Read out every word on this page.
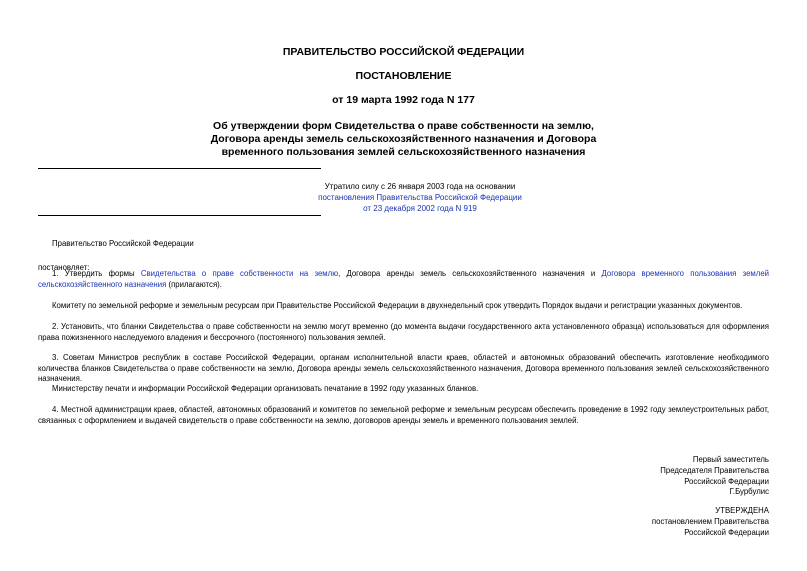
ПРАВИТЕЛЬСТВО РОССИЙСКОЙ ФЕДЕРАЦИИ
ПОСТАНОВЛЕНИЕ
от 19 марта 1992 года N 177
Об утверждении форм Свидетельства о праве собственности на землю,
Договора аренды земель сельскохозяйственного назначения и Договора
временного пользования землей сельскохозяйственного назначения
Утратило силу с 26 января 2003 года на основании
постановления Правительства Российской Федерации
от 23 декабря 2002 года N 919

Правительство Российской Федерации

постановляет:

1. Утвердить формы Свидетельства о праве собственности на землю, Договора аренды земель сельскохозяйственного назначения и Договора временного пользования землей сельскохозяйственного назначения (прилагаются).

Комитету по земельной реформе и земельным ресурсам при Правительстве Российской Федерации в двухнедельный срок утвердить Порядок выдачи и регистрации указанных документов.

2. Установить, что бланки Свидетельства о праве собственности на землю могут временно (до момента выдачи государственного акта установленного образца) использоваться для оформления права пожизненного наследуемого владения и бессрочного (постоянного) пользования землей.

3. Советам Министров республик в составе Российской Федерации, органам исполнительной власти краев, областей и автономных образований обеспечить изготовление необходимого количества бланков Свидетельства о праве собственности на землю, Договора аренды земель сельскохозяйственного назначения, Договора временного пользования землей сельскохозяйственного назначения.

Министерству печати и информации Российской Федерации организовать печатание в 1992 году указанных бланков.

4. Местной администрации краев, областей, автономных образований и комитетов по земельной реформе и земельным ресурсам обеспечить проведение в 1992 году землеустроительных работ, связанных с оформлением и выдачей свидетельств о праве собственности на землю, договоров аренды земель и временного пользования землей.

Первый заместитель
Председателя Правительства
Российской Федерации
Г.Бурбулис
УТВЕРЖДЕНА
постановлением Правительства
Российской Федерации
